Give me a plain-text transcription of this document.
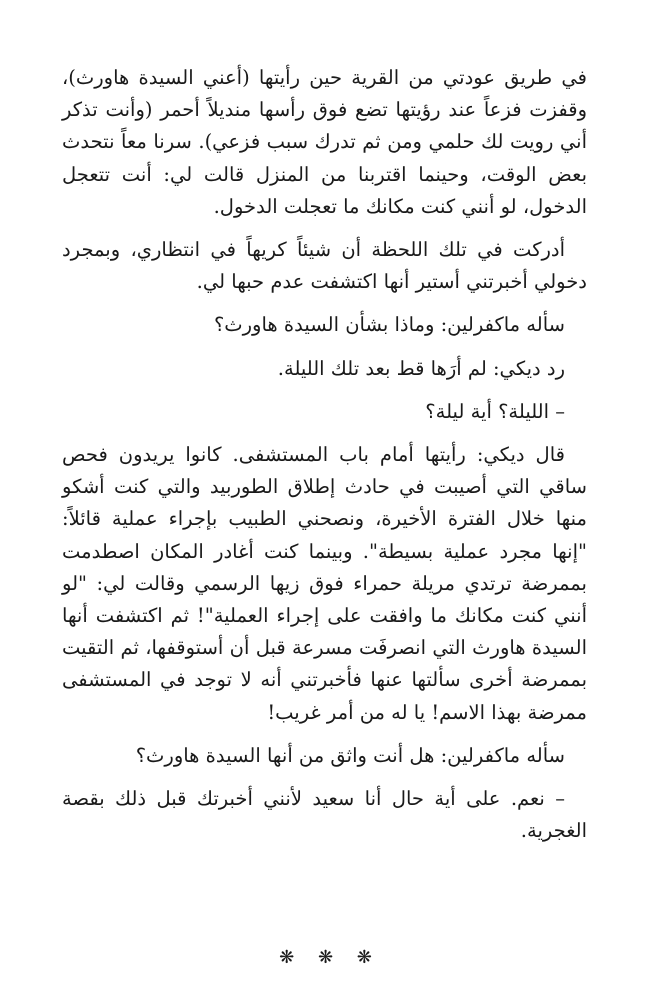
في طريق عودتي من القرية حين رأيتها (أعني السيدة هاورث)، وقفزت فزعاً عند رؤيتها تضع فوق رأسها منديلاً أحمر (وأنت تذكر أني رويت لك حلمي ومن ثم تدرك سبب فزعي). سرنا معاً نتحدث بعض الوقت، وحينما اقتربنا من المنزل قالت لي: أنت تتعجل الدخول، لو أنني كنت مكانك ما تعجلت الدخول.

أدركت في تلك اللحظة أن شيئاً كريهاً في انتظاري، وبمجرد دخولي أخبرتني أستير أنها اكتشفت عدم حبها لي.

سأله ماكفرلين: وماذا بشأن السيدة هاورث؟

رد ديكي: لم أرَها قط بعد تلك الليلة.

– الليلة؟ أية ليلة؟

قال ديكي: رأيتها أمام باب المستشفى. كانوا يريدون فحص ساقي التي أصيبت في حادث إطلاق الطوربيد والتي كنت أشكو منها خلال الفترة الأخيرة، ونصحني الطبيب بإجراء عملية قائلاً: "إنها مجرد عملية بسيطة". وبينما كنت أغادر المكان اصطدمت بممرضة ترتدي مريلة حمراء فوق زيها الرسمي وقالت لي: "لو أنني كنت مكانك ما وافقت على إجراء العملية"! ثم اكتشفت أنها السيدة هاورث التي انصرفَت مسرعة قبل أن أستوقفها، ثم التقيت بممرضة أخرى سألتها عنها فأخبرتني أنه لا توجد في المستشفى ممرضة بهذا الاسم! يا له من أمر غريب!

سأله ماكفرلين: هل أنت واثق من أنها السيدة هاورث؟

– نعم. على أية حال أنا سعيد لأنني أخبرتك قبل ذلك بقصة الغجرية.

❋ ❋ ❋
